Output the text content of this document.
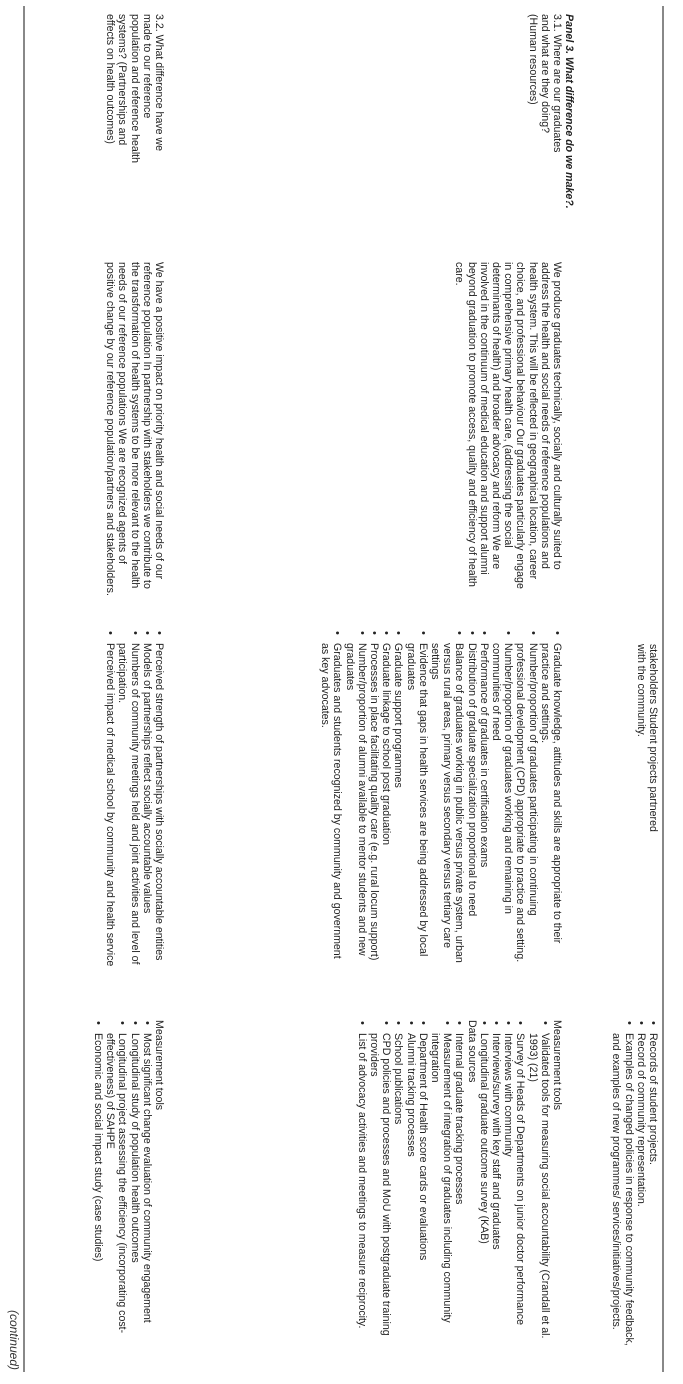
stakeholders Student projects partnered with the community.
• Records of student projects.
• Record of community representation.
• Examples of changed policies in response to community feedback, and examples of new programmes/ services/initiatives/projects.
Panel 3. What difference do we make?.
3.1. Where are our graduates and what are they doing? (Human resources)
We produce graduates technically, socially and culturally suited to address the health and social needs of reference populations and health system. This will be reflected in geographical location, career choice, and professional behaviour Our graduates particularly engage in comprehensive primary health care, (addressing the social determinants of health) and broader advocacy and reform We are involved in the continuum of medical education and support alumni beyond graduation to promote access, quality and efficiency of health care.
• Graduate knowledge, attitudes and skills are appropriate to their practice and settings.
• Number/proportion of graduates participating in continuing professional development (CPD) appropriate to practice and setting.
• Number/proportion of graduates working and remaining in communities of need
• Performance of graduates in certification exams
• Distribution of graduate specialization proportional to need
• Balance of graduates working in public versus private system, urban versus rural areas, primary versus secondary versus tertiary care settings
• Evidence that gaps in health services are being addressed by local graduates
• Graduate support programmes
• Graduate linkage to school post graduation
• Processes in place facilitating quality care (e.g. rural locum support)
• Number/proportion of alumni available to mentor students and new graduates
• Graduates and students recognized by community and government as key advocates.
Measurement tools
• Validated tools for measuring social accountability (Crandall et al. 1993) (21)
• Survey of Heads of Departments on junior doctor performance
• Interviews with community
• Interviews/survey with key staff and graduates
• Longitudinal graduate outcome survey (KAB)
Data sources
• Internal graduate tracking processes
• Measurement of integration of graduates including community integration
• Department of Health score cards or evaluations
• Alumni tracking processes
• School publications
• CPD policies and processes and MoU with postgraduate training providers
• List of advocacy activities and meetings to measure reciprocity.
3.2. What difference have we made to our reference population and reference health systems? (Partnerships and effects on health outcomes)
We have a positive impact on priority health and social needs of our reference population In partnership with stakeholders we contribute to the transformation of health systems to be more relevant to the health needs of our reference populations We are recognized agents of positive change by our reference population/partners and stakeholders.
• Perceived strength of partnerships with socially accountable entities
• Models of partnerships reflect socially accountable values
• Numbers of community meetings held and joint activities and level of participation.
• Perceived impact of medical school by community and health service
Measurement tools
• Most significant change evaluation of community engagement
• Longitudinal study of population health outcomes
• Longitudinal project assessing the efficiency (incorporating cost-effectiveness) of SAHPE
• Economic and social impact study (case studies)
(continued)
